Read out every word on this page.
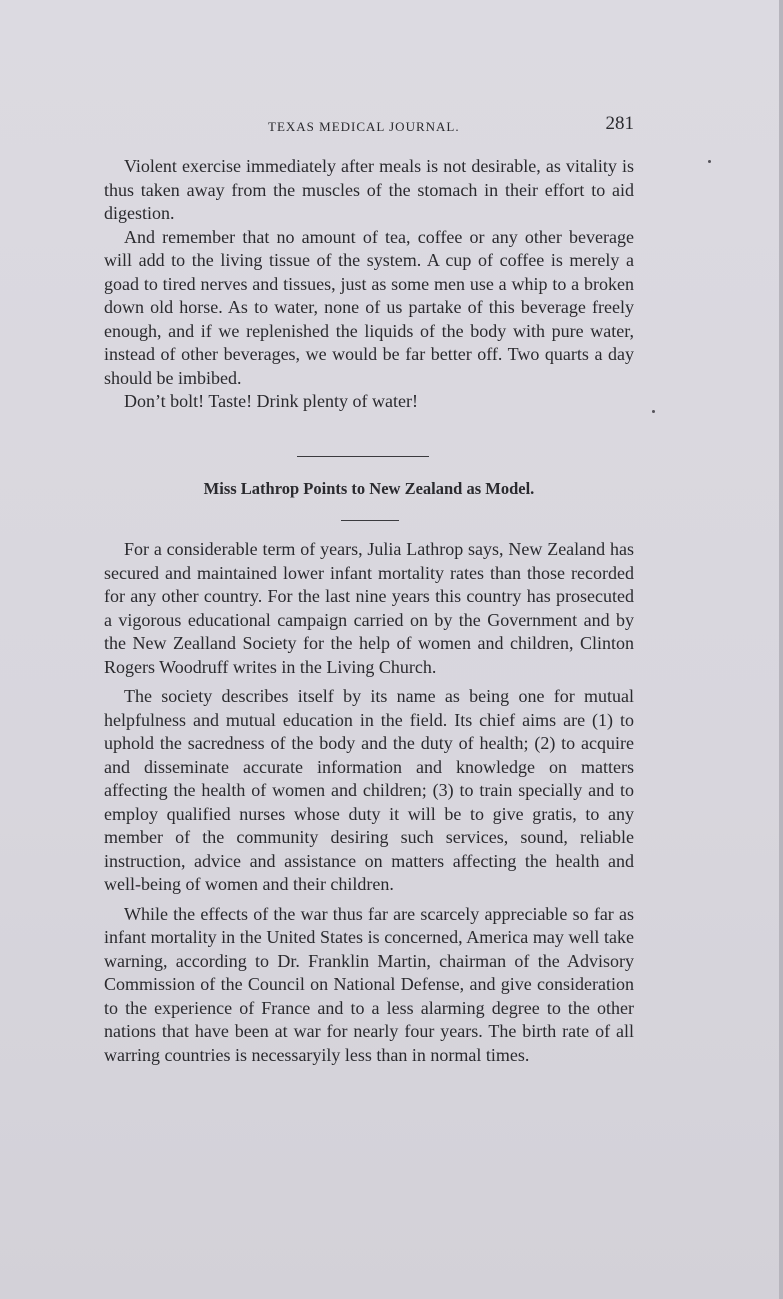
TEXAS MEDICAL JOURNAL.	281

Violent exercise immediately after meals is not desirable, as vitality is thus taken away from the muscles of the stomach in their effort to aid digestion.

And remember that no amount of tea, coffee or any other beverage will add to the living tissue of the system. A cup of coffee is merely a goad to tired nerves and tissues, just as some men use a whip to a broken down old horse. As to water, none of us partake of this beverage freely enough, and if we replenished the liquids of the body with pure water, instead of other beverages, we would be far better off. Two quarts a day should be imbibed.

Don’t bolt! Taste! Drink plenty of water!

Miss Lathrop Points to New Zealand as Model.

For a considerable term of years, Julia Lathrop says, New Zealand has secured and maintained lower infant mortality rates than those recorded for any other country. For the last nine years this country has prosecuted a vigorous educational campaign carried on by the Government and by the New Zealland Society for the help of women and children, Clinton Rogers Woodruff writes in the Living Church.

The society describes itself by its name as being one for mutual helpfulness and mutual education in the field. Its chief aims are (1) to uphold the sacredness of the body and the duty of health; (2) to acquire and disseminate accurate information and knowledge on matters affecting the health of women and children; (3) to train specially and to employ qualified nurses whose duty it will be to give gratis, to any member of the community desiring such services, sound, reliable instruction, advice and assistance on matters affecting the health and well-being of women and their children.

While the effects of the war thus far are scarcely appreciable so far as infant mortality in the United States is concerned, America may well take warning, according to Dr. Franklin Martin, chairman of the Advisory Commission of the Council on National Defense, and give consideration to the experience of France and to a less alarming degree to the other nations that have been at war for nearly four years. The birth rate of all warring countries is necessaryily less than in normal times.
